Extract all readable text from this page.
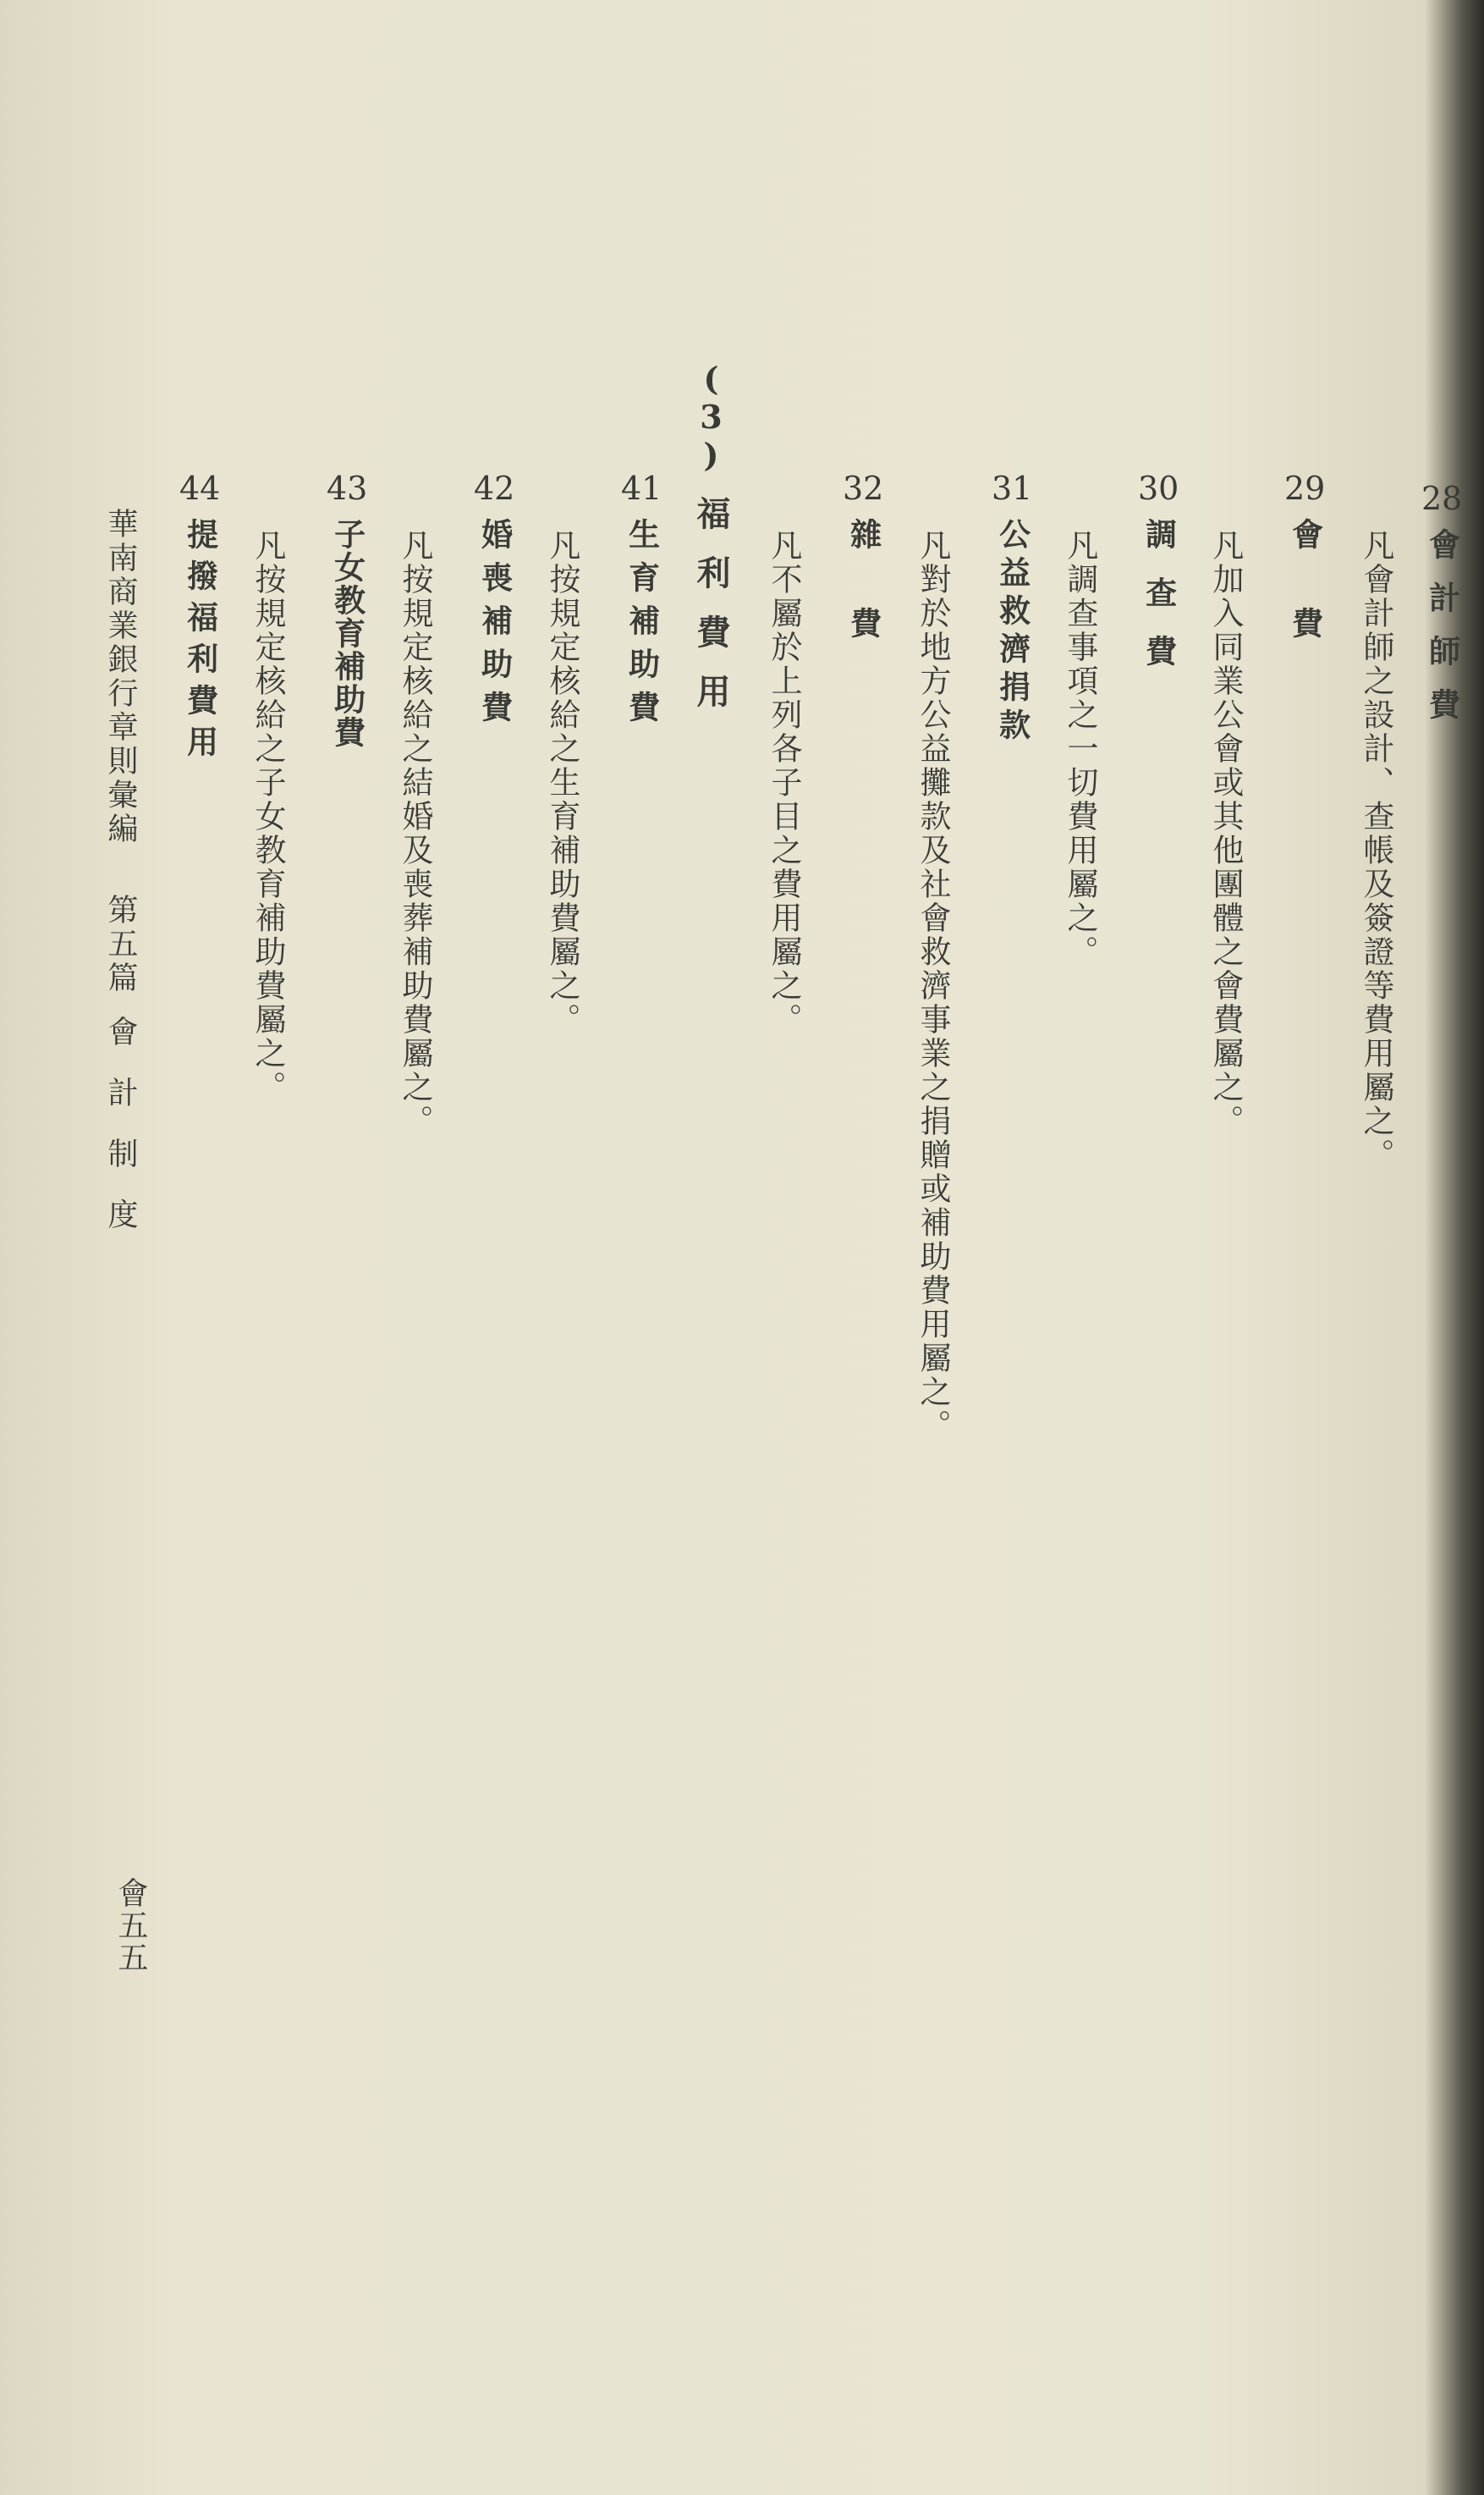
28
會計師費
凡會計師之設計、查帳及簽證等費用屬之。
29
會費
凡加入同業公會或其他團體之會費屬之。
30
調查費
凡調查事項之一切費用屬之。
31
公益救濟捐款
凡對於地方公益攤款及社會救濟事業之捐贈或補助費用屬之。
32
雜費
凡不屬於上列各子目之費用屬之。
(3)
福利費用
41
生育補助費
凡按規定核給之生育補助費屬之。
42
婚喪補助費
凡按規定核給之結婚及喪葬補助費屬之。
43
子女教育補助費
凡按規定核給之子女教育補助費屬之。
44
提撥福利費用
華南商業銀行章則彙編
第五篇
會計制度
會五五
